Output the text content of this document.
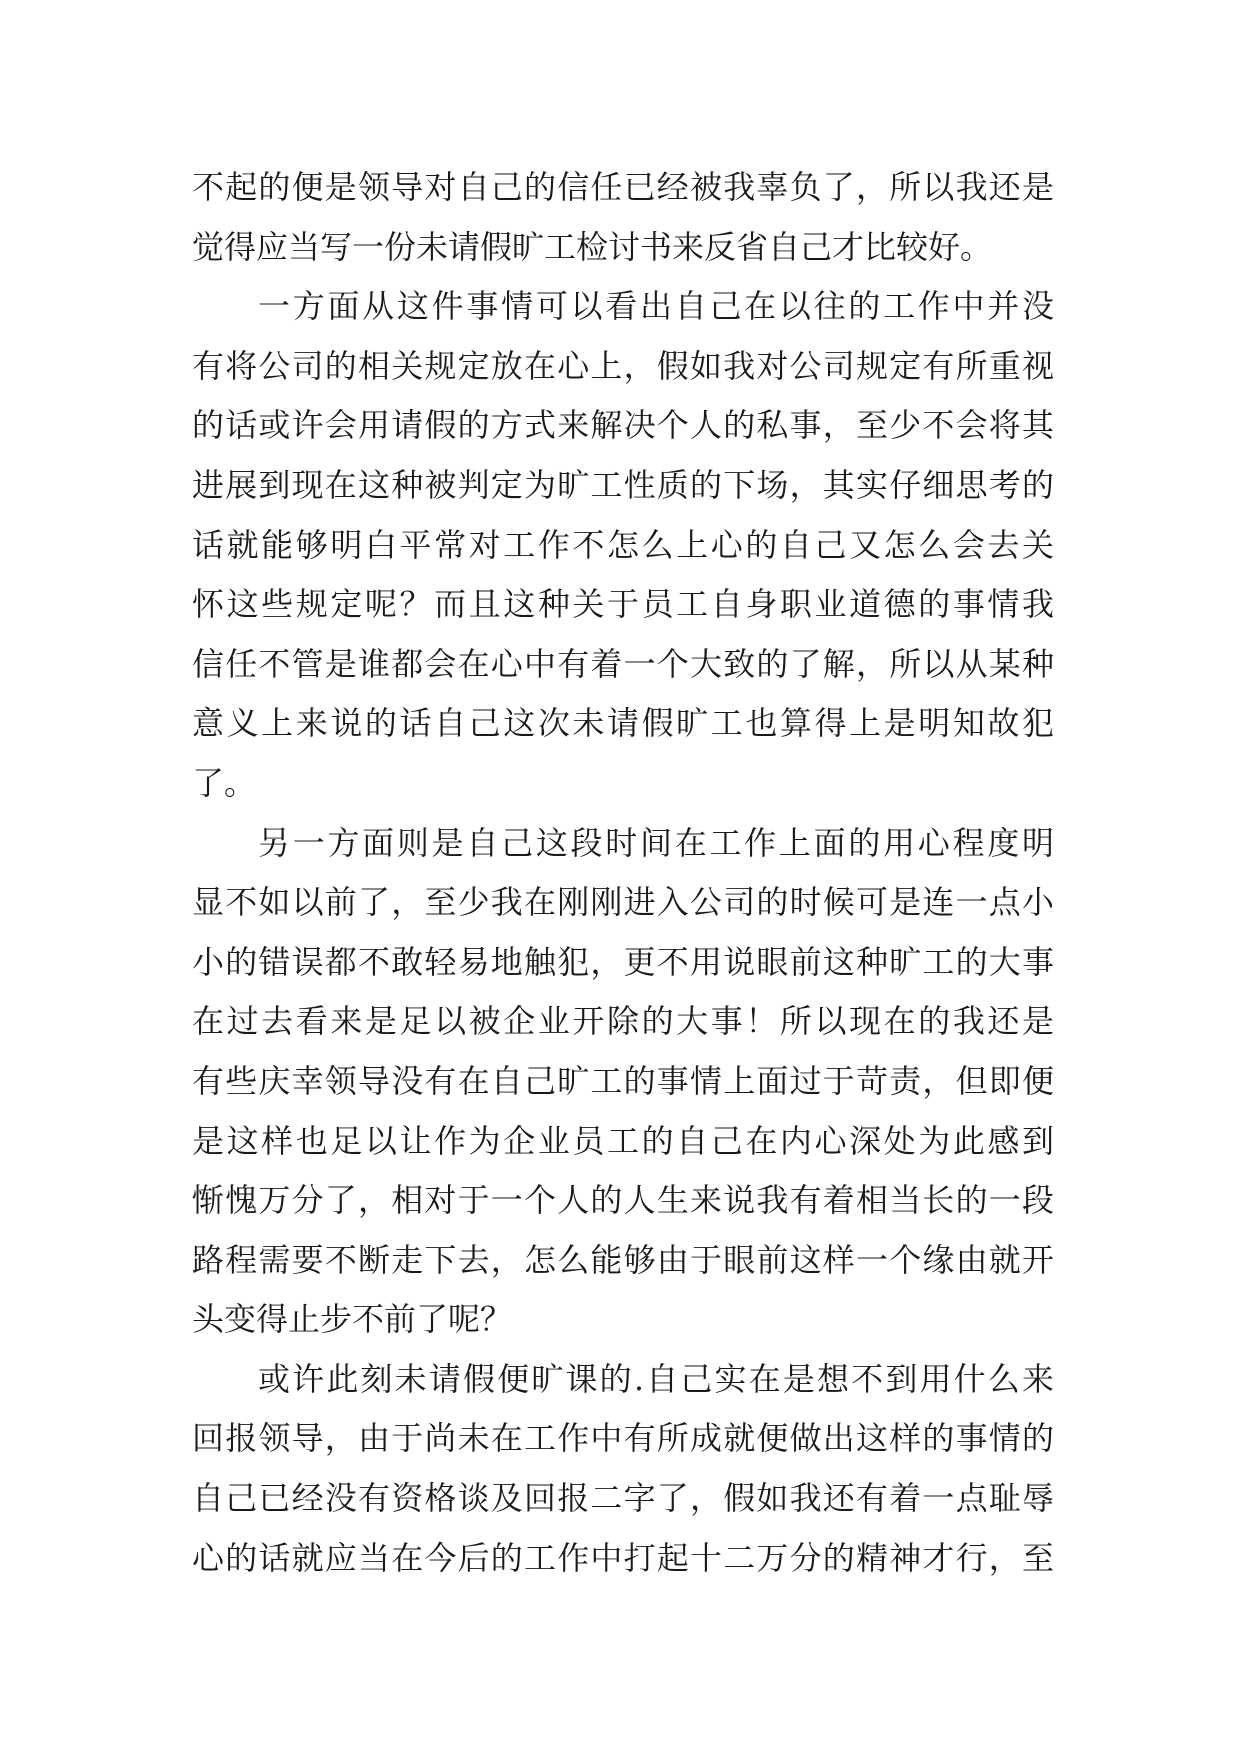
不起的便是领导对自己的信任已经被我辜负了，所以我还是
觉得应当写一份未请假旷工检讨书来反省自己才比较好。
一方面从这件事情可以看出自己在以往的工作中并没
有将公司的相关规定放在心上，假如我对公司规定有所重视
的话或许会用请假的方式来解决个人的私事，至少不会将其
进展到现在这种被判定为旷工性质的下场，其实仔细思考的
话就能够明白平常对工作不怎么上心的自己又怎么会去关
怀这些规定呢？而且这种关于员工自身职业道德的事情我
信任不管是谁都会在心中有着一个大致的了解，所以从某种
意义上来说的话自己这次未请假旷工也算得上是明知故犯
了。
另一方面则是自己这段时间在工作上面的用心程度明
显不如以前了，至少我在刚刚进入公司的时候可是连一点小
小的错误都不敢轻易地触犯，更不用说眼前这种旷工的大事
在过去看来是足以被企业开除的大事！所以现在的我还是
有些庆幸领导没有在自己旷工的事情上面过于苛责，但即便
是这样也足以让作为企业员工的自己在内心深处为此感到
惭愧万分了，相对于一个人的人生来说我有着相当长的一段
路程需要不断走下去，怎么能够由于眼前这样一个缘由就开
头变得止步不前了呢？
或许此刻未请假便旷课的.自己实在是想不到用什么来
回报领导，由于尚未在工作中有所成就便做出这样的事情的
自己已经没有资格谈及回报二字了，假如我还有着一点耻辱
心的话就应当在今后的工作中打起十二万分的精神才行，至
